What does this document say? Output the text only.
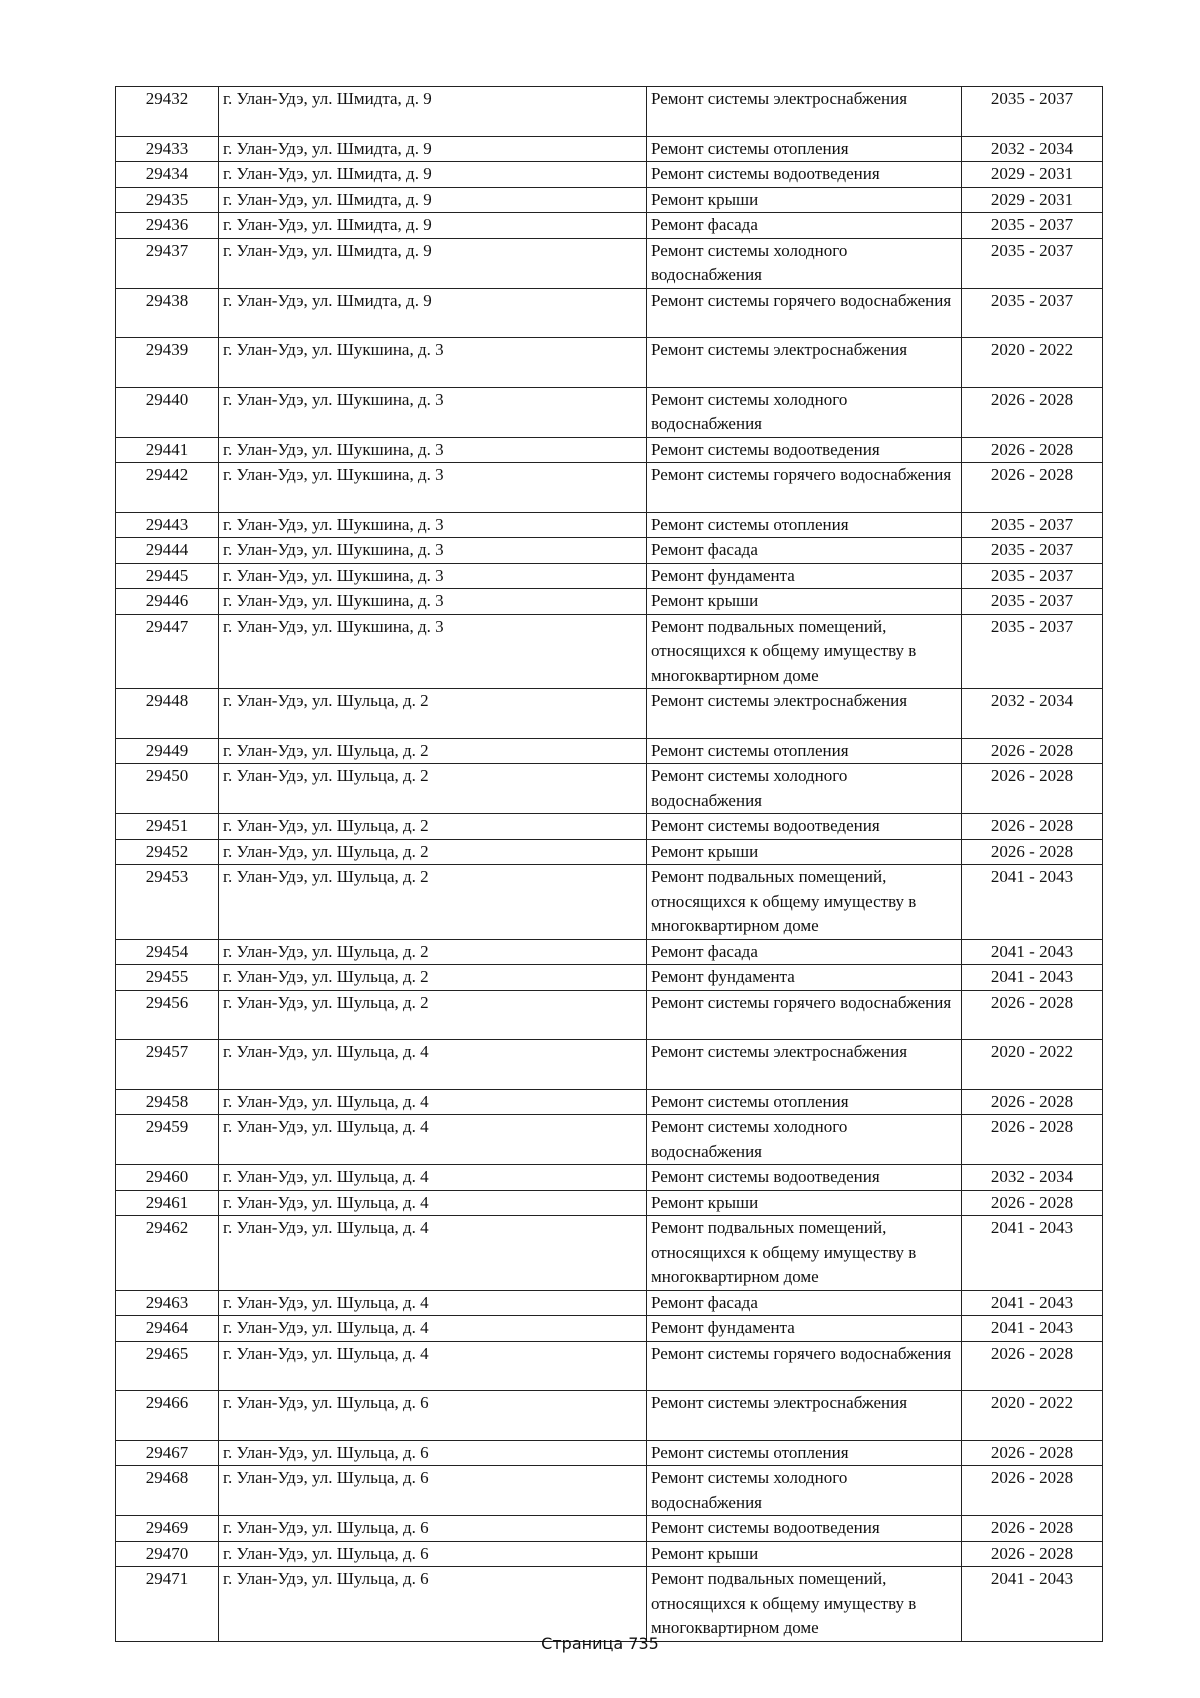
29432	г. Улан-Удэ, ул. Шмидта, д. 9	Ремонт системы электроснабжения	2035 - 2037
29433	г. Улан-Удэ, ул. Шмидта, д. 9	Ремонт системы отопления	2032 - 2034
29434	г. Улан-Удэ, ул. Шмидта, д. 9	Ремонт системы водоотведения	2029 - 2031
29435	г. Улан-Удэ, ул. Шмидта, д. 9	Ремонт крыши	2029 - 2031
29436	г. Улан-Удэ, ул. Шмидта, д. 9	Ремонт фасада	2035 - 2037
29437	г. Улан-Удэ, ул. Шмидта, д. 9	Ремонт системы холодного водоснабжения	2035 - 2037
29438	г. Улан-Удэ, ул. Шмидта, д. 9	Ремонт системы горячего водоснабжения	2035 - 2037
29439	г. Улан-Удэ, ул. Шукшина, д. 3	Ремонт системы электроснабжения	2020 - 2022
29440	г. Улан-Удэ, ул. Шукшина, д. 3	Ремонт системы холодного водоснабжения	2026 - 2028
29441	г. Улан-Удэ, ул. Шукшина, д. 3	Ремонт системы водоотведения	2026 - 2028
29442	г. Улан-Удэ, ул. Шукшина, д. 3	Ремонт системы горячего водоснабжения	2026 - 2028
29443	г. Улан-Удэ, ул. Шукшина, д. 3	Ремонт системы отопления	2035 - 2037
29444	г. Улан-Удэ, ул. Шукшина, д. 3	Ремонт фасада	2035 - 2037
29445	г. Улан-Удэ, ул. Шукшина, д. 3	Ремонт фундамента	2035 - 2037
29446	г. Улан-Удэ, ул. Шукшина, д. 3	Ремонт крыши	2035 - 2037
29447	г. Улан-Удэ, ул. Шукшина, д. 3	Ремонт подвальных помещений, относящихся к общему имуществу в многоквартирном доме	2035 - 2037
29448	г. Улан-Удэ, ул. Шульца, д. 2	Ремонт системы электроснабжения	2032 - 2034
29449	г. Улан-Удэ, ул. Шульца, д. 2	Ремонт системы отопления	2026 - 2028
29450	г. Улан-Удэ, ул. Шульца, д. 2	Ремонт системы холодного водоснабжения	2026 - 2028
29451	г. Улан-Удэ, ул. Шульца, д. 2	Ремонт системы водоотведения	2026 - 2028
29452	г. Улан-Удэ, ул. Шульца, д. 2	Ремонт крыши	2026 - 2028
29453	г. Улан-Удэ, ул. Шульца, д. 2	Ремонт подвальных помещений, относящихся к общему имуществу в многоквартирном доме	2041 - 2043
29454	г. Улан-Удэ, ул. Шульца, д. 2	Ремонт фасада	2041 - 2043
29455	г. Улан-Удэ, ул. Шульца, д. 2	Ремонт фундамента	2041 - 2043
29456	г. Улан-Удэ, ул. Шульца, д. 2	Ремонт системы горячего водоснабжения	2026 - 2028
29457	г. Улан-Удэ, ул. Шульца, д. 4	Ремонт системы электроснабжения	2020 - 2022
29458	г. Улан-Удэ, ул. Шульца, д. 4	Ремонт системы отопления	2026 - 2028
29459	г. Улан-Удэ, ул. Шульца, д. 4	Ремонт системы холодного водоснабжения	2026 - 2028
29460	г. Улан-Удэ, ул. Шульца, д. 4	Ремонт системы водоотведения	2032 - 2034
29461	г. Улан-Удэ, ул. Шульца, д. 4	Ремонт крыши	2026 - 2028
29462	г. Улан-Удэ, ул. Шульца, д. 4	Ремонт подвальных помещений, относящихся к общему имуществу в многоквартирном доме	2041 - 2043
29463	г. Улан-Удэ, ул. Шульца, д. 4	Ремонт фасада	2041 - 2043
29464	г. Улан-Удэ, ул. Шульца, д. 4	Ремонт фундамента	2041 - 2043
29465	г. Улан-Удэ, ул. Шульца, д. 4	Ремонт системы горячего водоснабжения	2026 - 2028
29466	г. Улан-Удэ, ул. Шульца, д. 6	Ремонт системы электроснабжения	2020 - 2022
29467	г. Улан-Удэ, ул. Шульца, д. 6	Ремонт системы отопления	2026 - 2028
29468	г. Улан-Удэ, ул. Шульца, д. 6	Ремонт системы холодного водоснабжения	2026 - 2028
29469	г. Улан-Удэ, ул. Шульца, д. 6	Ремонт системы водоотведения	2026 - 2028
29470	г. Улан-Удэ, ул. Шульца, д. 6	Ремонт крыши	2026 - 2028
29471	г. Улан-Удэ, ул. Шульца, д. 6	Ремонт подвальных помещений, относящихся к общему имуществу в многоквартирном доме	2041 - 2043
Страница 735
